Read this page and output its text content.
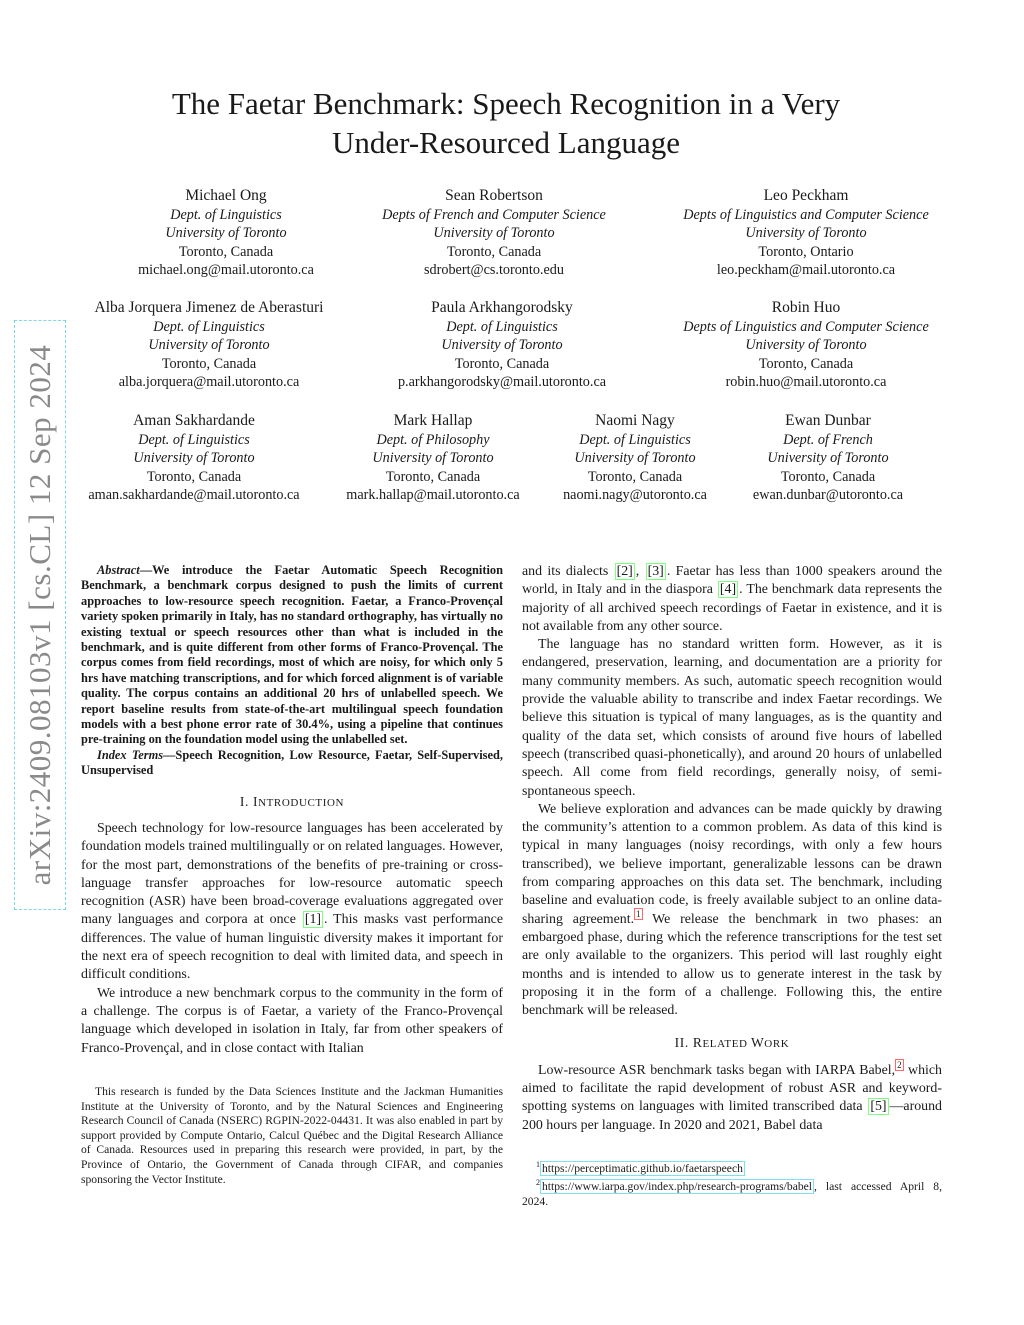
arXiv:2409.08103v1 [cs.CL] 12 Sep 2024
The Faetar Benchmark: Speech Recognition in a Very
Under-Resourced Language
Michael Ong
Dept. of Linguistics
University of Toronto
Toronto, Canada
michael.ong@mail.utoronto.ca
Sean Robertson
Depts of French and Computer Science
University of Toronto
Toronto, Canada
sdrobert@cs.toronto.edu
Leo Peckham
Depts of Linguistics and Computer Science
University of Toronto
Toronto, Ontario
leo.peckham@mail.utoronto.ca
Alba Jorquera Jimenez de Aberasturi
Dept. of Linguistics
University of Toronto
Toronto, Canada
alba.jorquera@mail.utoronto.ca
Paula Arkhangorodsky
Dept. of Linguistics
University of Toronto
Toronto, Canada
p.arkhangorodsky@mail.utoronto.ca
Robin Huo
Depts of Linguistics and Computer Science
University of Toronto
Toronto, Canada
robin.huo@mail.utoronto.ca
Aman Sakhardande
Dept. of Linguistics
University of Toronto
Toronto, Canada
aman.sakhardande@mail.utoronto.ca
Mark Hallap
Dept. of Philosophy
University of Toronto
Toronto, Canada
mark.hallap@mail.utoronto.ca
Naomi Nagy
Dept. of Linguistics
University of Toronto
Toronto, Canada
naomi.nagy@utoronto.ca
Ewan Dunbar
Dept. of French
University of Toronto
Toronto, Canada
ewan.dunbar@utoronto.ca

Abstract—We introduce the Faetar Automatic Speech Recognition Benchmark, a benchmark corpus designed to push the limits of current approaches to low-resource speech recognition. Faetar, a Franco-Provençal variety spoken primarily in Italy, has no standard orthography, has virtually no existing textual or speech resources other than what is included in the benchmark, and is quite different from other forms of Franco-Provençal. The corpus comes from field recordings, most of which are noisy, for which only 5 hrs have matching transcriptions, and for which forced alignment is of variable quality. The corpus contains an additional 20 hrs of unlabelled speech. We report baseline results from state-of-the-art multilingual speech foundation models with a best phone error rate of 30.4%, using a pipeline that continues pre-training on the foundation model using the unlabelled set.

Index Terms—Speech Recognition, Low Resource, Faetar, Self-Supervised, Unsupervised

I. INTRODUCTION

Speech technology for low-resource languages has been accelerated by foundation models trained multilingually or on related languages. However, for the most part, demonstrations of the benefits of pre-training or cross-language transfer approaches for low-resource automatic speech recognition (ASR) have been broad-coverage evaluations aggregated over many languages and corpora at once [1] . This masks vast performance differences. The value of human linguistic diversity makes it important for the next era of speech recognition to deal with limited data, and speech in difficult conditions.

We introduce a new benchmark corpus to the community in the form of a challenge. The corpus is of Faetar, a variety of the Franco-Provençal language which developed in isolation in Italy, far from other speakers of Franco-Provençal, and in close contact with Italian

This research is funded by the Data Sciences Institute and the Jackman Humanities Institute at the University of Toronto, and by the Natural Sciences and Engineering Research Council of Canada (NSERC) RGPIN-2022-04431. It was also enabled in part by support provided by Compute Ontario, Calcul Québec and the Digital Research Alliance of Canada. Resources used in preparing this research were provided, in part, by the Province of Ontario, the Government of Canada through CIFAR, and companies sponsoring the Vector Institute.

and its dialects [2] , [3] . Faetar has less than 1000 speakers around the world, in Italy and in the diaspora [4] . The benchmark data represents the majority of all archived speech recordings of Faetar in existence, and it is not available from any other source.

The language has no standard written form. However, as it is endangered, preservation, learning, and documentation are a priority for many community members. As such, automatic speech recognition would provide the valuable ability to transcribe and index Faetar recordings. We believe this situation is typical of many languages, as is the quantity and quality of the data set, which consists of around five hours of labelled speech (transcribed quasi-phonetically), and around 20 hours of unlabelled speech. All come from field recordings, generally noisy, of semi-spontaneous speech.

We believe exploration and advances can be made quickly by drawing the community’s attention to a common problem. As data of this kind is typical in many languages (noisy recordings, with only a few hours transcribed), we believe important, generalizable lessons can be drawn from comparing approaches on this data set. The benchmark, including baseline and evaluation code, is freely available subject to an online data-sharing agreement. $^1$ We release the benchmark in two phases: an embargoed phase, during which the reference transcriptions for the test set are only available to the organizers. This period will last roughly eight months and is intended to allow us to generate interest in the task by proposing it in the form of a challenge. Following this, the entire benchmark will be released.

II. RELATED WORK

Low-resource ASR benchmark tasks began with IARPA Babel, $^2$ which aimed to facilitate the rapid development of robust ASR and keyword-spotting systems on languages with limited transcribed data [5] —around 200 hours per language. In 2020 and 2021, Babel data

$^1$ https://perceptimatic.github.io/faetarspeech
$^2$ https://www.iarpa.gov/index.php/research-programs/babel , last accessed April 8, 2024.
